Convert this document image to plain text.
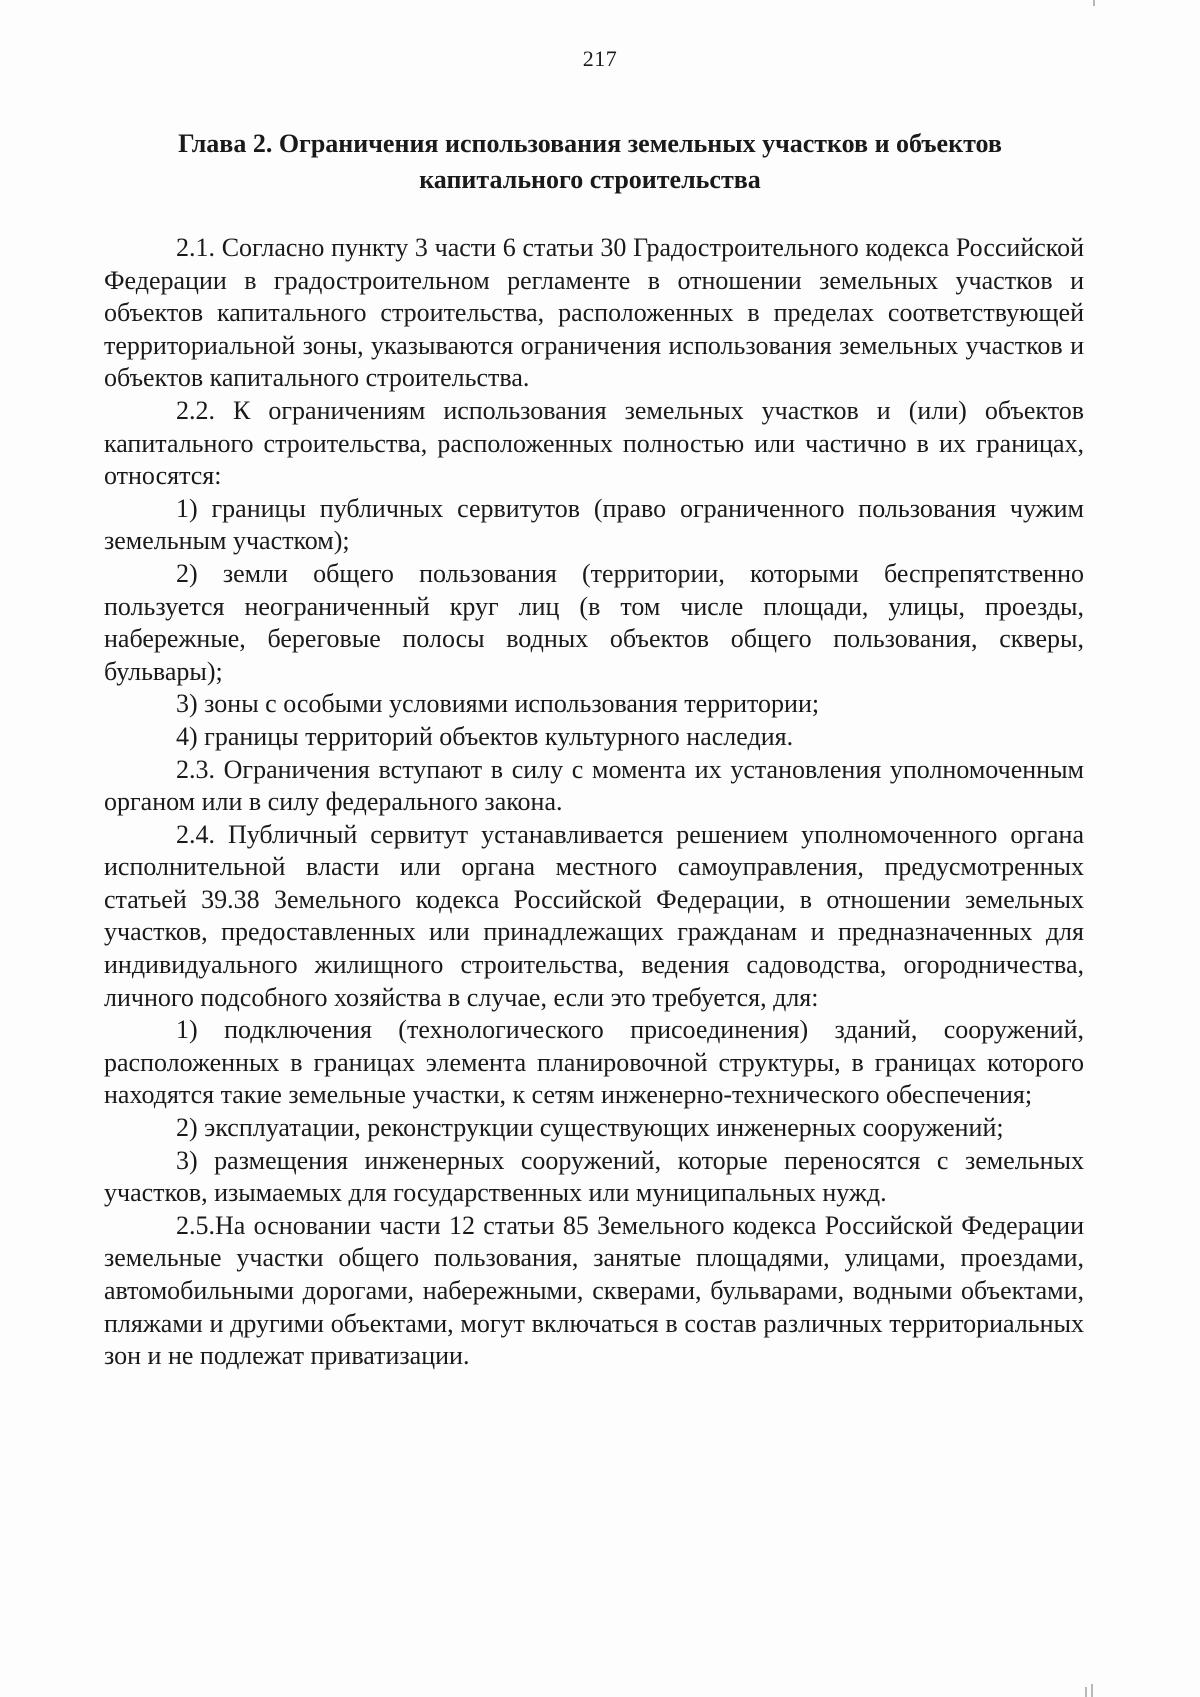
217
Глава 2. Ограничения использования земельных участков и объектов капитального строительства

2.1. Согласно пункту 3 части 6 статьи 30 Градостроительного кодекса Российской Федерации в градостроительном регламенте в отношении земельных участков и объектов капитального строительства, расположенных в пределах соответствующей территориальной зоны, указываются ограничения использования земельных участков и объектов капитального строительства.

2.2. К ограничениям использования земельных участков и (или) объектов капитального строительства, расположенных полностью или частично в их границах, относятся:

1) границы публичных сервитутов (право ограниченного пользования чужим земельным участком);

2) земли общего пользования (территории, которыми беспрепятственно пользуется неограниченный круг лиц (в том числе площади, улицы, проезды, набережные, береговые полосы водных объектов общего пользования, скверы, бульвары);

3) зоны с особыми условиями использования территории;

4) границы территорий объектов культурного наследия.

2.3. Ограничения вступают в силу с момента их установления уполномоченным органом или в силу федерального закона.

2.4. Публичный сервитут устанавливается решением уполномоченного органа исполнительной власти или органа местного самоуправления, предусмотренных статьей 39.38 Земельного кодекса Российской Федерации, в отношении земельных участков, предоставленных или принадлежащих гражданам и предназначенных для индивидуального жилищного строительства, ведения садоводства, огородничества, личного подсобного хозяйства в случае, если это требуется, для:

1) подключения (технологического присоединения) зданий, сооружений, расположенных в границах элемента планировочной структуры, в границах которого находятся такие земельные участки, к сетям инженерно-технического обеспечения;

2) эксплуатации, реконструкции существующих инженерных сооружений;

3) размещения инженерных сооружений, которые переносятся с земельных участков, изымаемых для государственных или муниципальных нужд.

2.5.На основании части 12 статьи 85 Земельного кодекса Российской Федерации земельные участки общего пользования, занятые площадями, улицами, проездами, автомобильными дорогами, набережными, скверами, бульварами, водными объектами, пляжами и другими объектами, могут включаться в состав различных территориальных зон и не подлежат приватизации.
